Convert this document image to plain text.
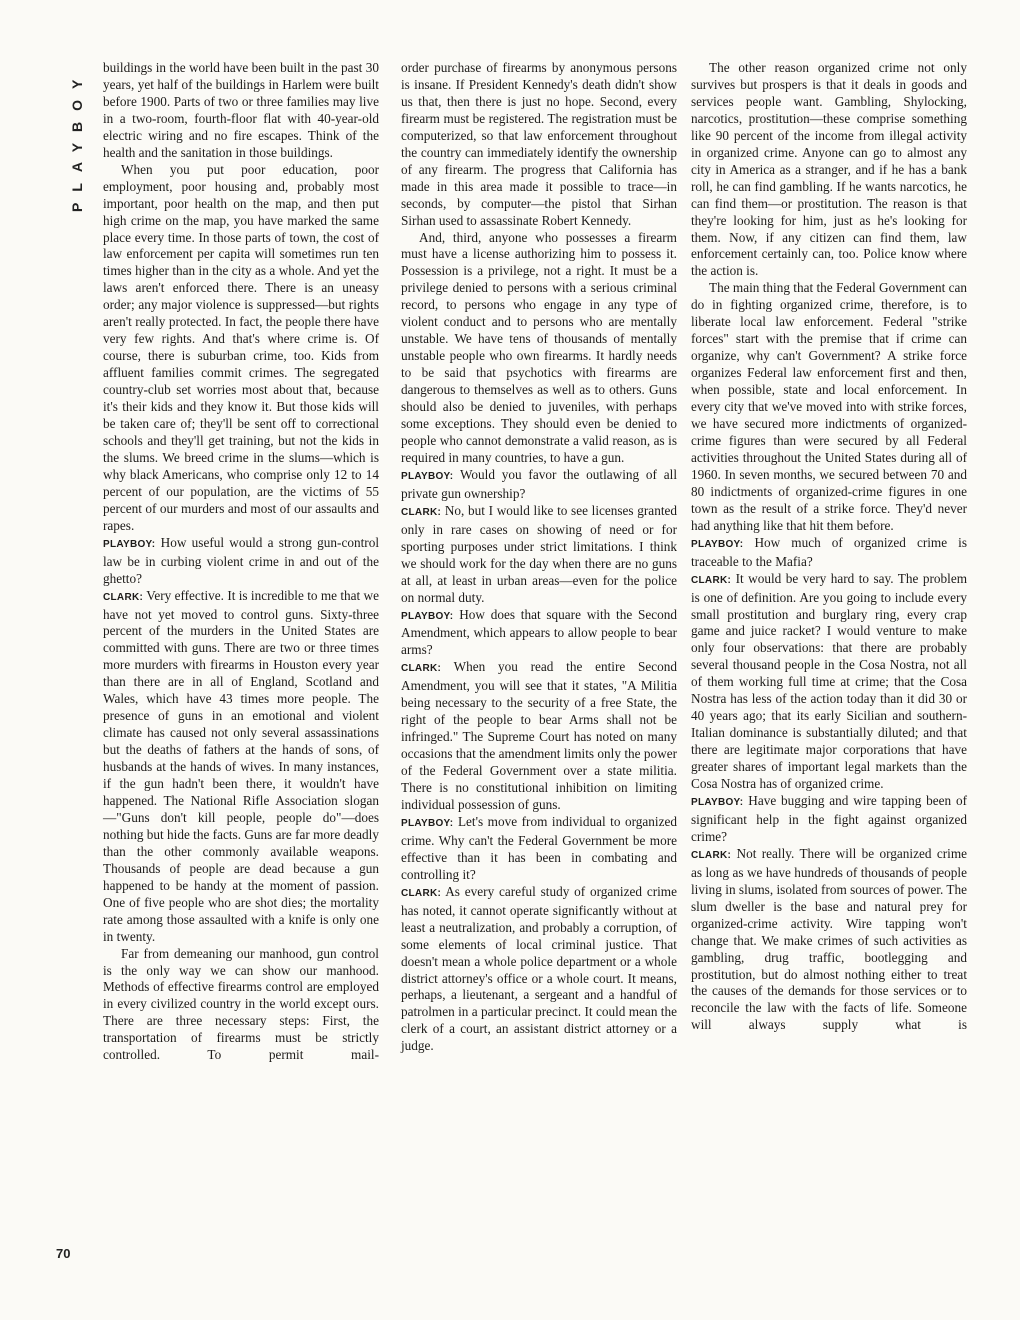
PLAYBOY

buildings in the world have been built in the past 30 years, yet half of the buildings in Harlem were built before 1900. Parts of two or three families may live in a two-room, fourth-floor flat with 40-year-old electric wiring and no fire escapes. Think of the health and the sanitation in those buildings.

When you put poor education, poor employment, poor housing and, probably most important, poor health on the map, and then put high crime on the map, you have marked the same place every time. In those parts of town, the cost of law enforcement per capita will sometimes run ten times higher than in the city as a whole. And yet the laws aren't enforced there. There is an uneasy order; any major violence is suppressed—but rights aren't really protected. In fact, the people there have very few rights. And that's where crime is. Of course, there is suburban crime, too. Kids from affluent families commit crimes. The segregated country-club set worries most about that, because it's their kids and they know it. But those kids will be taken care of; they'll be sent off to correctional schools and they'll get training, but not the kids in the slums. We breed crime in the slums—which is why black Americans, who comprise only 12 to 14 percent of our population, are the victims of 55 percent of our murders and most of our assaults and rapes.

PLAYBOY: How useful would a strong gun-control law be in curbing violent crime in and out of the ghetto?

CLARK: Very effective. It is incredible to me that we have not yet moved to control guns. Sixty-three percent of the murders in the United States are committed with guns. There are two or three times more murders with firearms in Houston every year than there are in all of England, Scotland and Wales, which have 43 times more people. The presence of guns in an emotional and violent climate has caused not only several assassinations but the deaths of fathers at the hands of sons, of husbands at the hands of wives. In many instances, if the gun hadn't been there, it wouldn't have happened. The National Rifle Association slogan—"Guns don't kill people, people do"—does nothing but hide the facts. Guns are far more deadly than the other commonly available weapons. Thousands of people are dead because a gun happened to be handy at the moment of passion. One of five people who are shot dies; the mortality rate among those assaulted with a knife is only one in twenty.

Far from demeaning our manhood, gun control is the only way we can show our manhood. Methods of effective firearms control are employed in every civilized country in the world except ours. There are three necessary steps: First, the transportation of firearms must be strictly controlled. To permit mail-

order purchase of firearms by anonymous persons is insane. If President Kennedy's death didn't show us that, then there is just no hope. Second, every firearm must be registered. The registration must be computerized, so that law enforcement throughout the country can immediately identify the ownership of any firearm. The progress that California has made in this area made it possible to trace—in seconds, by computer—the pistol that Sirhan Sirhan used to assassinate Robert Kennedy.

And, third, anyone who possesses a firearm must have a license authorizing him to possess it. Possession is a privilege, not a right. It must be a privilege denied to persons with a serious criminal record, to persons who engage in any type of violent conduct and to persons who are mentally unstable. We have tens of thousands of mentally unstable people who own firearms. It hardly needs to be said that psychotics with firearms are dangerous to themselves as well as to others. Guns should also be denied to juveniles, with perhaps some exceptions. They should even be denied to people who cannot demonstrate a valid reason, as is required in many countries, to have a gun.

PLAYBOY: Would you favor the outlawing of all private gun ownership?

CLARK: No, but I would like to see licenses granted only in rare cases on showing of need or for sporting purposes under strict limitations. I think we should work for the day when there are no guns at all, at least in urban areas—even for the police on normal duty.

PLAYBOY: How does that square with the Second Amendment, which appears to allow people to bear arms?

CLARK: When you read the entire Second Amendment, you will see that it states, "A Militia being necessary to the security of a free State, the right of the people to bear Arms shall not be infringed." The Supreme Court has noted on many occasions that the amendment limits only the power of the Federal Government over a state militia. There is no constitutional inhibition on limiting individual possession of guns.

PLAYBOY: Let's move from individual to organized crime. Why can't the Federal Government be more effective than it has been in combating and controlling it?

CLARK: As every careful study of organized crime has noted, it cannot operate significantly without at least a neutralization, and probably a corruption, of some elements of local criminal justice. That doesn't mean a whole police department or a whole district attorney's office or a whole court. It means, perhaps, a lieutenant, a sergeant and a handful of patrolmen in a particular precinct. It could mean the clerk of a court, an assistant district attorney or a judge.

The other reason organized crime not only survives but prospers is that it deals in goods and services people want. Gambling, Shylocking, narcotics, prostitution—these comprise something like 90 percent of the income from illegal activity in organized crime. Anyone can go to almost any city in America as a stranger, and if he has a bank roll, he can find gambling. If he wants narcotics, he can find them—or prostitution. The reason is that they're looking for him, just as he's looking for them. Now, if any citizen can find them, law enforcement certainly can, too. Police know where the action is.

The main thing that the Federal Government can do in fighting organized crime, therefore, is to liberate local law enforcement. Federal "strike forces" start with the premise that if crime can organize, why can't Government? A strike force organizes Federal law enforcement first and then, when possible, state and local enforcement. In every city that we've moved into with strike forces, we have secured more indictments of organized-crime figures than were secured by all Federal activities throughout the United States during all of 1960. In seven months, we secured between 70 and 80 indictments of organized-crime figures in one town as the result of a strike force. They'd never had anything like that hit them before.

PLAYBOY: How much of organized crime is traceable to the Mafia?

CLARK: It would be very hard to say. The problem is one of definition. Are you going to include every small prostitution and burglary ring, every crap game and juice racket? I would venture to make only four observations: that there are probably several thousand people in the Cosa Nostra, not all of them working full time at crime; that the Cosa Nostra has less of the action today than it did 30 or 40 years ago; that its early Sicilian and southern-Italian dominance is substantially diluted; and that there are legitimate major corporations that have greater shares of important legal markets than the Cosa Nostra has of organized crime.

PLAYBOY: Have bugging and wire tapping been of significant help in the fight against organized crime?

CLARK: Not really. There will be organized crime as long as we have hundreds of thousands of people living in slums, isolated from sources of power. The slum dweller is the base and natural prey for organized-crime activity. Wire tapping won't change that. We make crimes of such activities as gambling, drug traffic, bootlegging and prostitution, but do almost nothing either to treat the causes of the demands for those services or to reconcile the law with the facts of life. Someone will always supply what is

70
